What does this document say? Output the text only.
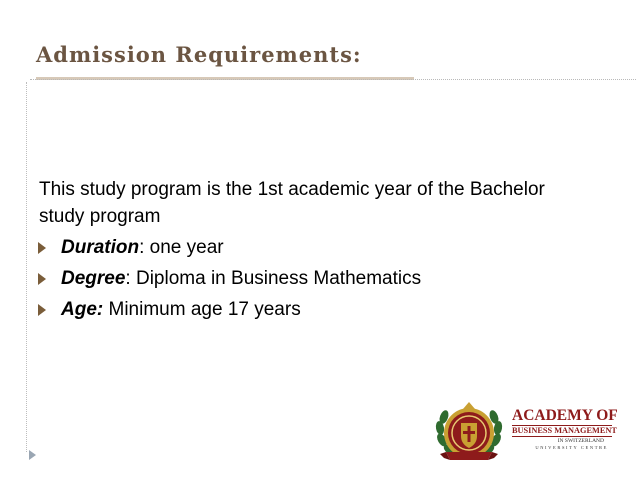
Admission Requirements:
This study program is the 1st academic year of the Bachelor study program
Duration: one year
Degree: Diploma in Business Mathematics
Age: Minimum age 17 years
ACADEMY OF
BUSINESS MANAGEMENT
IN SWITZERLAND
UNIVERSITY CENTRE
